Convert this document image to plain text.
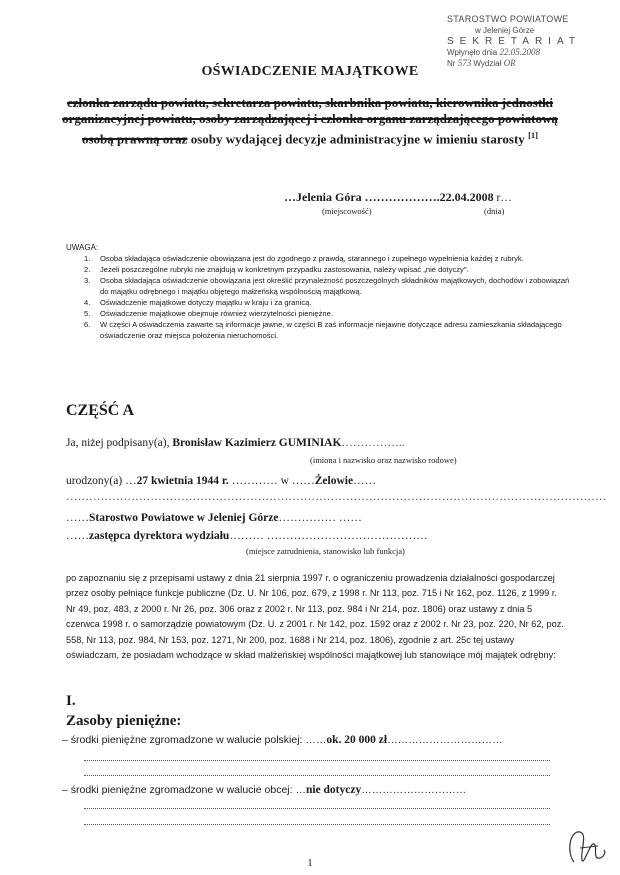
STAROSTWO POWIATOWE
w Jeleniej Górze
SEKRETARIAT
Wpłynęło dnia 22.05.2008
Nr 573 Wydział OR
OŚWIADCZENIE MAJĄTKOWE
członka zarządu powiatu, sekretarza powiatu, skarbnika powiatu, kierownika jednostki organizacyjnej powiatu, osoby zarządzającej i członka organu zarządzającego powiatową osobą prawną oraz osoby wydającej decyzje administracyjne w imieniu starosty [1]
…Jelenia Góra ……………….22.04.2008 r…
(miejscowość)	(dnia)
UWAGA:
1.	Osoba składająca oświadczenie obowiązana jest do zgodnego z prawdą, starannego i zupełnego wypełnienia każdej z rubryk.
2.	Jeżeli poszczególne rubryki nie znajdują w konkretnym przypadku zastosowania, należy wpisać „nie dotyczy".
3.	Osoba składająca oświadczenie obowiązana jest określić przynależność poszczególnych składników majątkowych, dochodów i zobowiązań do majątku odrębnego i majątku objętego małżeńską wspólnością majątkową.
4.	Oświadczenie majątkowe dotyczy majątku w kraju i za granicą.
5.	Oświadczenie majątkowe obejmuje również wierzytelności pieniężne.
6.	W części A oświadczenia zawarte są informacje jawne, w części B zaś informacje niejawne dotyczące adresu zamieszkania składającego oświadczenie oraz miejsca położenia nieruchomości.
CZĘŚĆ A
Ja, niżej podpisany(a), Bronisław Kazimierz GUMINIAK……………..
(imiona i nazwisko oraz nazwisko rodowe)
urodzony(a) …27 kwietnia 1944 r. ………… w ……Żelowie……
……………………………………………………………………………………………………………………………
……Starostwo Powiatowe w Jeleniej Górze…………… ……
……zastępca dyrektora wydziału……… ……………………………………
(miejsce zatrudnienia, stanowisko lub funkcja)
po zapoznaniu się z przepisami ustawy z dnia 21 sierpnia 1997 r. o ograniczeniu prowadzenia działalności gospodarczej przez osoby pełniące funkcje publiczne (Dz. U. Nr 106, poz. 679, z 1998 r. Nr 113, poz. 715 i Nr 162, poz. 1126, z 1999 r. Nr 49, poz. 483, z 2000 r. Nr 26, poz. 306 oraz z 2002 r. Nr 113, poz. 984 i Nr 214, poz. 1806) oraz ustawy z dnia 5 czerwca 1998 r. o samorządzie powiatowym (Dz. U. z 2001 r. Nr 142, poz. 1592 oraz z 2002 r. Nr 23, poz. 220, Nr 62, poz. 558, Nr 113, poz. 984, Nr 153, poz. 1271, Nr 200, poz. 1688 i Nr 214, poz. 1806), zgodnie z art. 25c tej ustawy oświadczam, że posiadam wchodzące w skład małżeńskiej wspólności majątkowej lub stanowiące mój majątek odrębny:
I.
Zasoby pieniężne:
– środki pieniężne zgromadzone w walucie polskiej: ……ok. 20 000 zł……………………………
– środki pieniężne zgromadzone w walucie obcej: …nie dotyczy…………………………
1
